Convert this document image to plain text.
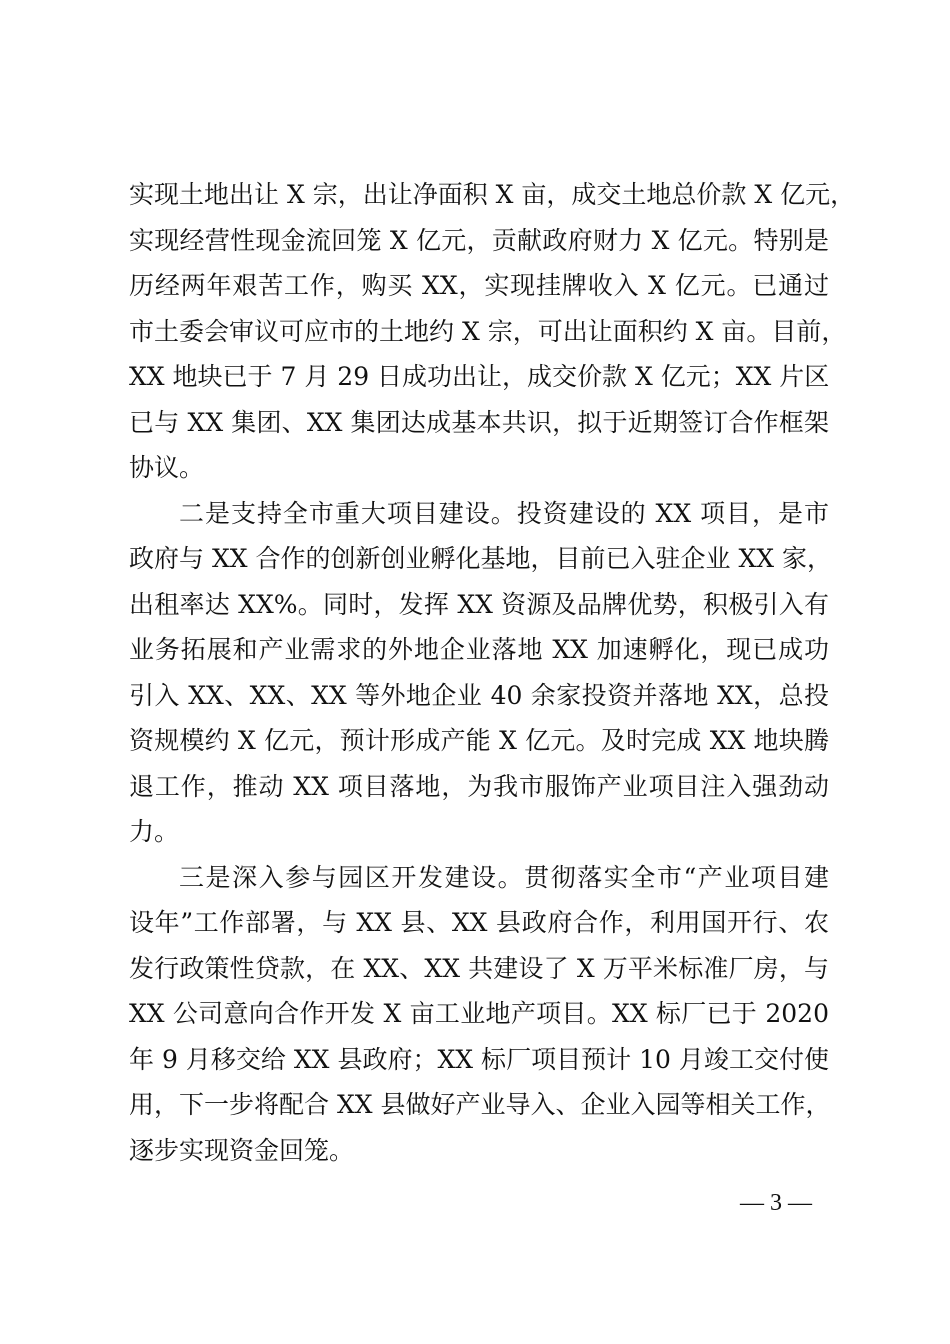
实现土地出让 X 宗，出让净面积 X 亩，成交土地总价款 X 亿元，
实现经营性现金流回笼 X 亿元，贡献政府财力 X 亿元。特别是
历经两年艰苦工作，购买 XX，实现挂牌收入 X 亿元。已通过
市土委会审议可应市的土地约 X 宗，可出让面积约 X 亩。目前，
XX 地块已于 7 月 29 日成功出让，成交价款 X 亿元；XX 片区
已与 XX 集团、XX 集团达成基本共识，拟于近期签订合作框架
协议。
二是支持全市重大项目建设。投资建设的 XX 项目，是市
政府与 XX 合作的创新创业孵化基地，目前已入驻企业 XX 家，
出租率达 XX%。同时，发挥 XX 资源及品牌优势，积极引入有
业务拓展和产业需求的外地企业落地 XX 加速孵化，现已成功
引入 XX、XX、XX 等外地企业 40 余家投资并落地 XX，总投
资规模约 X 亿元，预计形成产能 X 亿元。及时完成 XX 地块腾
退工作，推动 XX 项目落地，为我市服饰产业项目注入强劲动
力。
三是深入参与园区开发建设。贯彻落实全市“产业项目建
设年”工作部署，与 XX 县、XX 县政府合作，利用国开行、农
发行政策性贷款，在 XX、XX 共建设了 X 万平米标准厂房，与
XX 公司意向合作开发 X 亩工业地产项目。XX 标厂已于 2020
年 9 月移交给 XX 县政府；XX 标厂项目预计 10 月竣工交付使
用，下一步将配合 XX 县做好产业导入、企业入园等相关工作，
逐步实现资金回笼。
— 3 —
